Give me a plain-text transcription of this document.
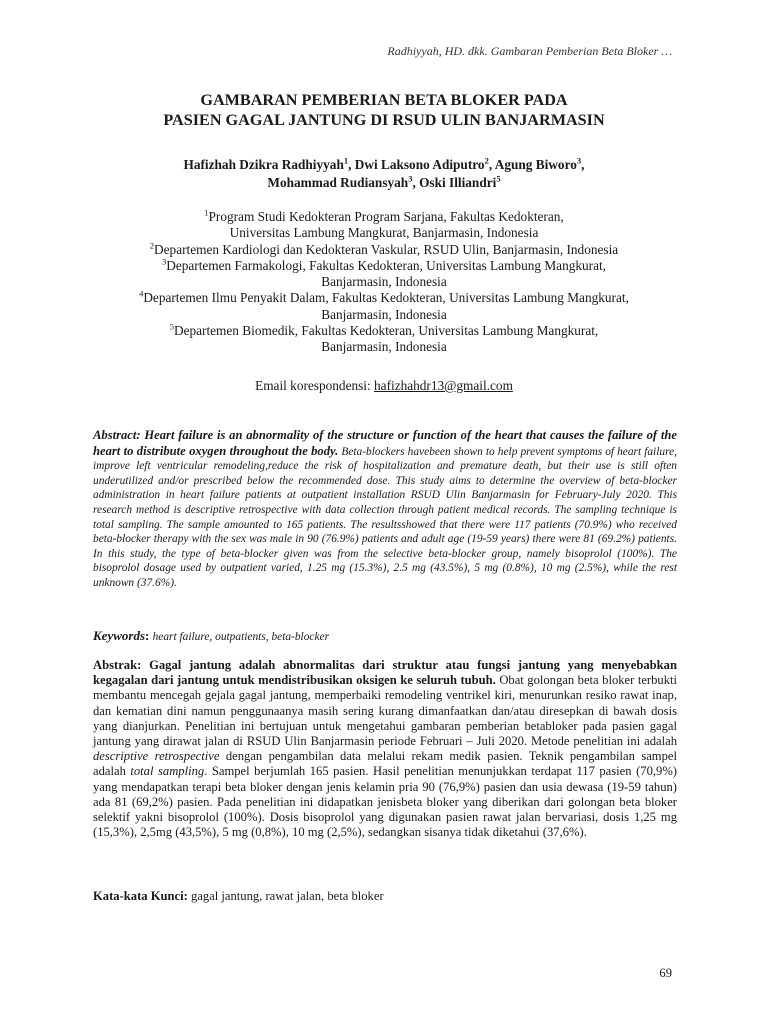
Radhiyyah, HD. dkk. Gambaran Pemberian Beta Bloker …
GAMBARAN PEMBERIAN BETA BLOKER PADA
PASIEN GAGAL JANTUNG DI RSUD ULIN BANJARMASIN
Hafizhah Dzikra Radhiyyah$^1$, Dwi Laksono Adiputro$^2$, Agung Biworo$^3$,
Mohammad Rudiansyah$^3$, Oski Illiandri$^5$
$^1$Program Studi Kedokteran Program Sarjana, Fakultas Kedokteran,
Universitas Lambung Mangkurat, Banjarmasin, Indonesia
$^2$Departemen Kardiologi dan Kedokteran Vaskular, RSUD Ulin, Banjarmasin, Indonesia
$^3$Departemen Farmakologi, Fakultas Kedokteran, Universitas Lambung Mangkurat,
Banjarmasin, Indonesia
$^4$Departemen Ilmu Penyakit Dalam, Fakultas Kedokteran, Universitas Lambung Mangkurat,
Banjarmasin, Indonesia
$^5$Departemen Biomedik, Fakultas Kedokteran, Universitas Lambung Mangkurat,
Banjarmasin, Indonesia
Email korespondensi: hafizhahdr13@gmail.com

Abstract: Heart failure is an abnormality of the structure or function of the heart that causes the failure of the heart to distribute oxygen throughout the body. Beta-blockers havebeen shown to help prevent symptoms of heart failure, improve left ventricular remodeling,reduce the risk of hospitalization and premature death, but their use is still often underutilized and/or prescribed below the recommended dose. This study aims to determine the overview of beta-blocker administration in heart failure patients at outpatient installation RSUD Ulin Banjarmasin for February-July 2020. This research method is descriptive retrospective with data collection through patient medical records. The sampling technique is total sampling. The sample amounted to 165 patients. The resultsshowed that there were 117 patients (70.9%) who received beta-blocker therapy with the sex was male in 90 (76.9%) patients and adult age (19-59 years) there were 81 (69.2%) patients. In this study, the type of beta-blocker given was from the selective beta-blocker group, namely bisoprolol (100%). The bisoprolol dosage used by outpatient varied, 1.25 mg (15.3%), 2.5 mg (43.5%), 5 mg (0.8%), 10 mg (2.5%), while the rest unknown (37.6%).

Keywords: heart failure, outpatients, beta-blocker

Abstrak: Gagal jantung adalah abnormalitas dari struktur atau fungsi jantung yang menyebabkan kegagalan dari jantung untuk mendistribusikan oksigen ke seluruh tubuh. Obat golongan beta bloker terbukti membantu mencegah gejala gagal jantung, memperbaiki remodeling ventrikel kiri, menurunkan resiko rawat inap, dan kematian dini namun penggunaanya masih sering kurang dimanfaatkan dan/atau diresepkan di bawah dosis yang dianjurkan. Penelitian ini bertujuan untuk mengetahui gambaran pemberian betabloker pada pasien gagal jantung yang dirawat jalan di RSUD Ulin Banjarmasin periode Februari – Juli 2020. Metode penelitian ini adalah descriptive retrospective dengan pengambilan data melalui rekam medik pasien. Teknik pengambilan sampel adalah total sampling. Sampel berjumlah 165 pasien. Hasil penelitian menunjukkan terdapat 117 pasien (70,9%) yang mendapatkan terapi beta bloker dengan jenis kelamin pria 90 (76,9%) pasien dan usia dewasa (19-59 tahun) ada 81 (69,2%) pasien. Pada penelitian ini didapatkan jenisbeta bloker yang diberikan dari golongan beta bloker selektif yakni bisoprolol (100%). Dosis bisoprolol yang digunakan pasien rawat jalan bervariasi, dosis 1,25 mg (15,3%), 2,5mg (43,5%), 5 mg (0,8%), 10 mg (2,5%), sedangkan sisanya tidak diketahui (37,6%).

Kata-kata Kunci: gagal jantung, rawat jalan, beta bloker

69
